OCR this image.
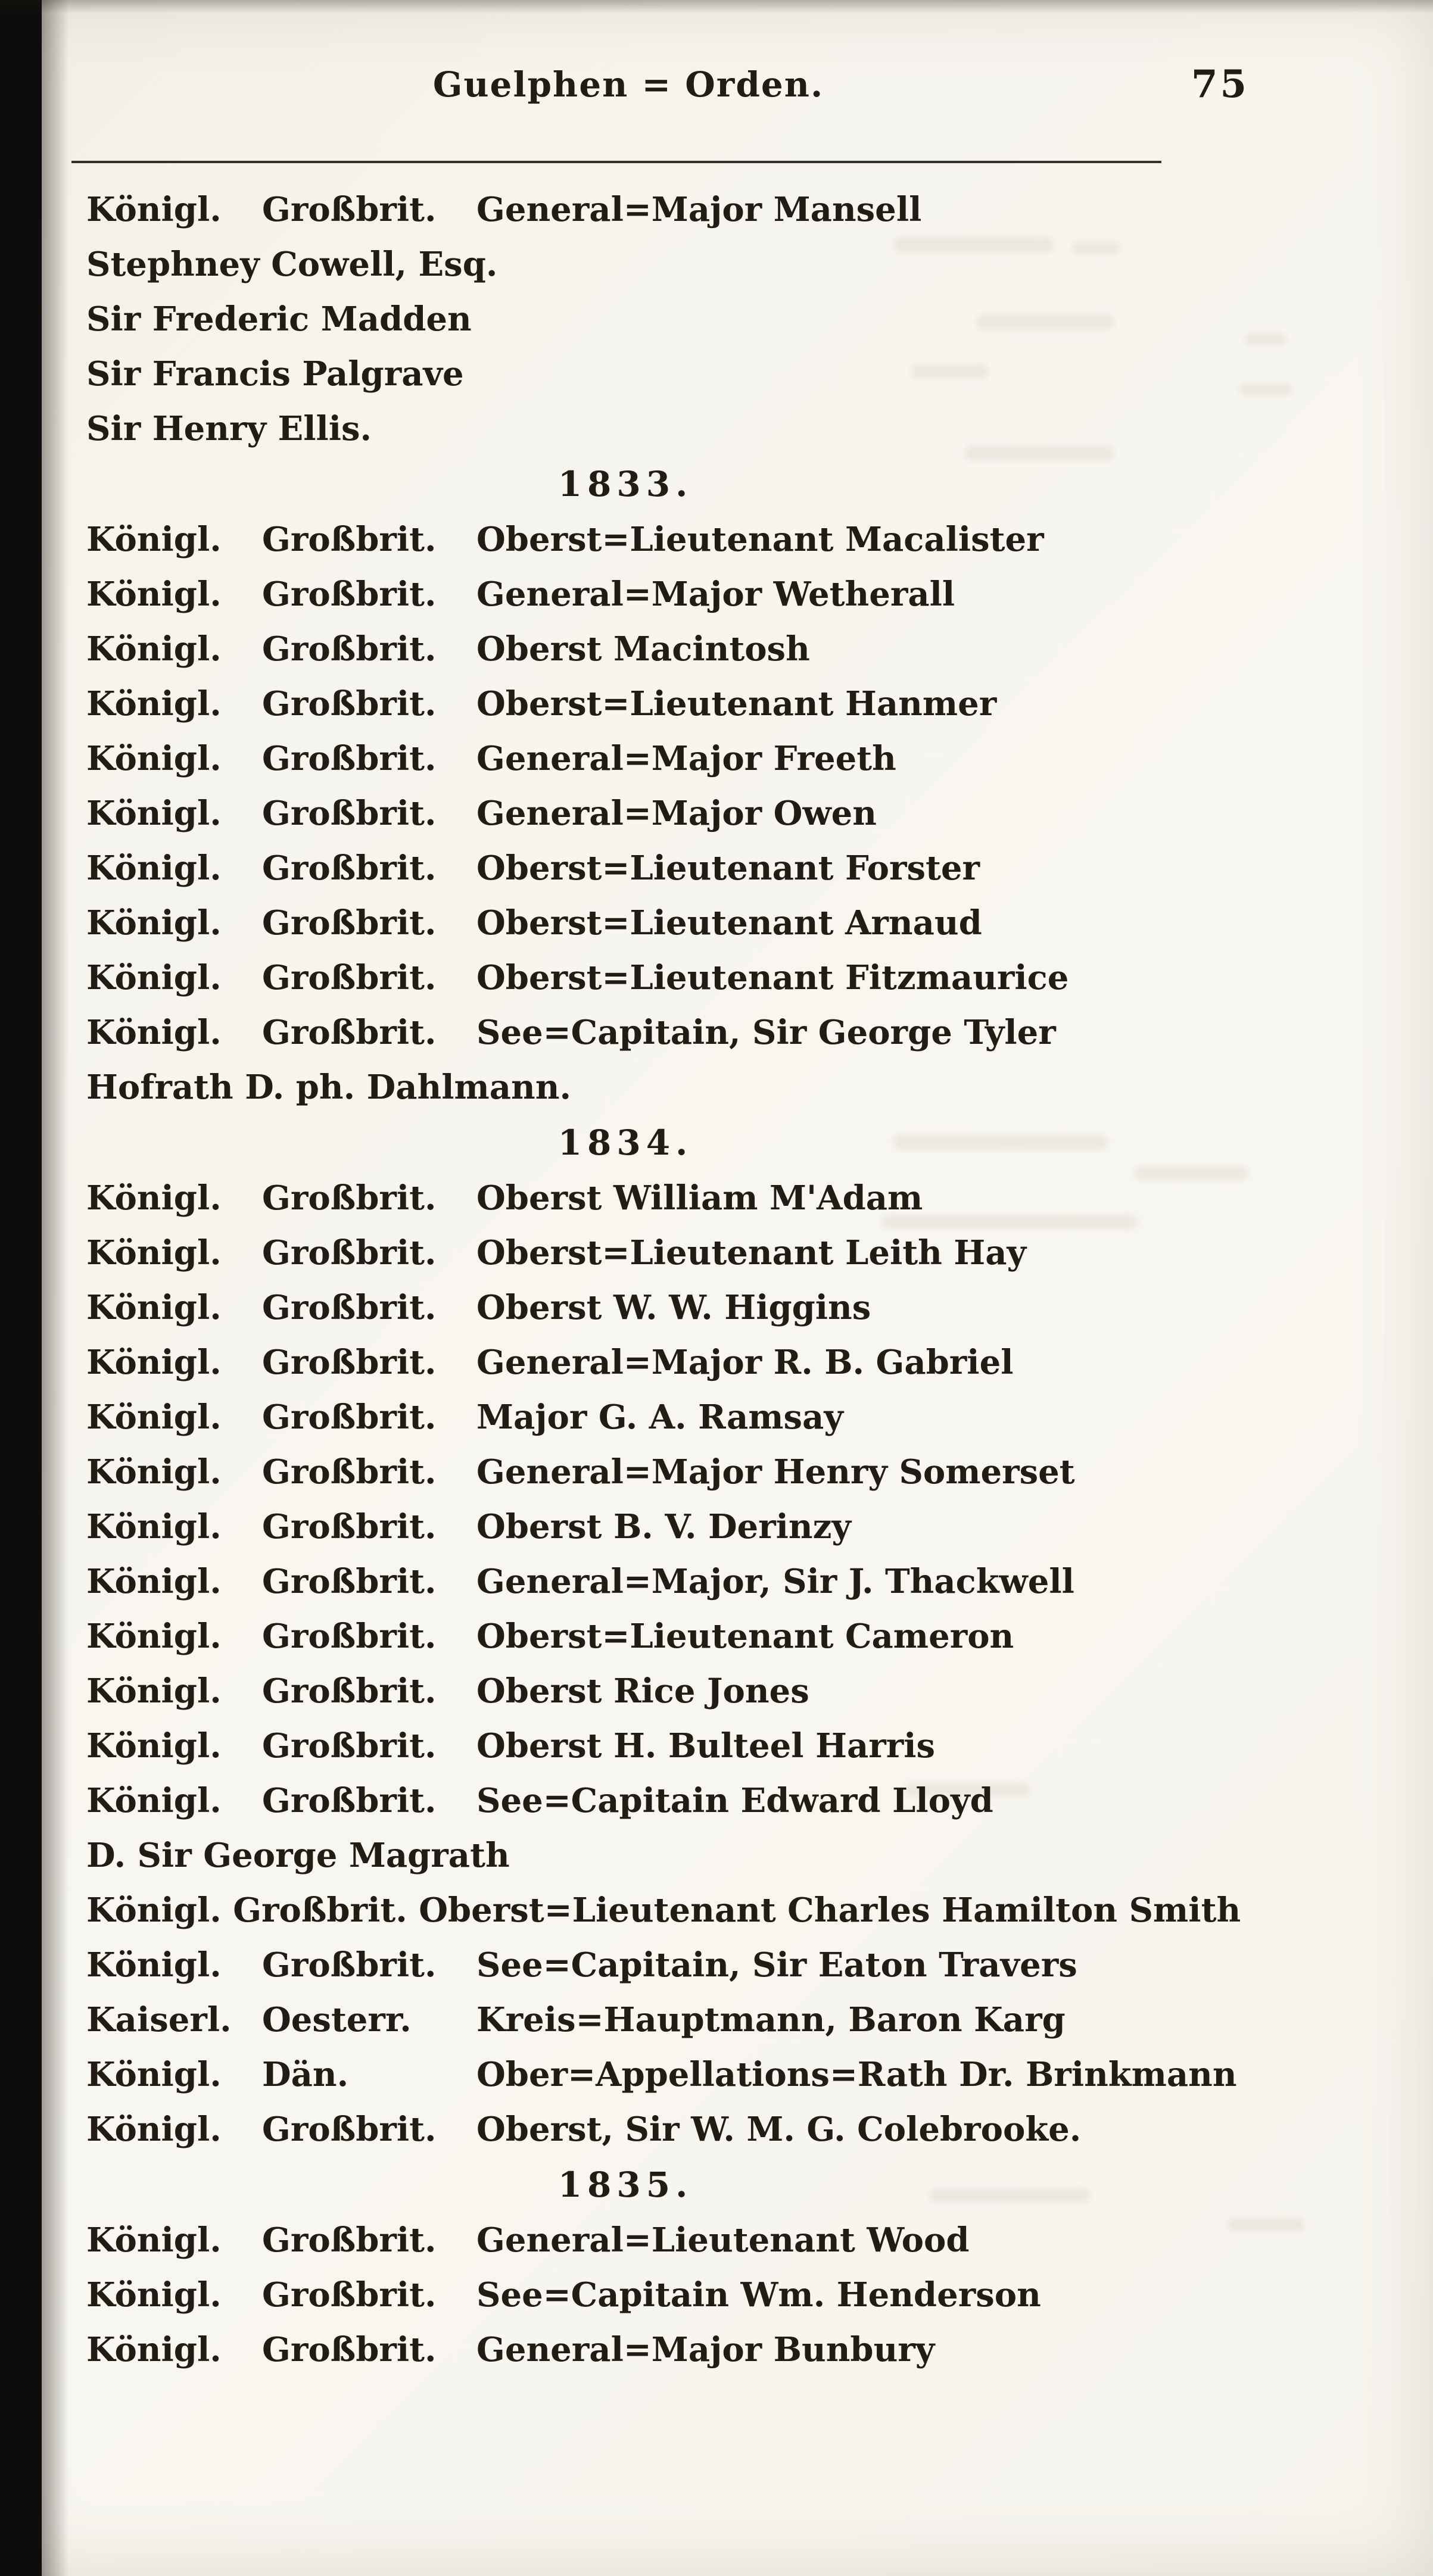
Guelphen = Orden.	75
Königl. Großbrit. General=Major Mansell
Stephney Cowell, Esq.
Sir Frederic Madden
Sir Francis Palgrave
Sir Henry Ellis.
1833.
Königl. Großbrit. Oberst=Lieutenant Macalister
Königl. Großbrit. General=Major Wetherall
Königl. Großbrit. Oberst Macintosh
Königl. Großbrit. Oberst=Lieutenant Hanmer
Königl. Großbrit. General=Major Freeth
Königl. Großbrit. General=Major Owen
Königl. Großbrit. Oberst=Lieutenant Forster
Königl. Großbrit. Oberst=Lieutenant Arnaud
Königl. Großbrit. Oberst=Lieutenant Fitzmaurice
Königl. Großbrit. See=Capitain, Sir George Tyler
Hofrath D. ph. Dahlmann.
1834.
Königl. Großbrit. Oberst William M'Adam
Königl. Großbrit. Oberst=Lieutenant Leith Hay
Königl. Großbrit. Oberst W. W. Higgins
Königl. Großbrit. General=Major R. B. Gabriel
Königl. Großbrit. Major G. A. Ramsay
Königl. Großbrit. General=Major Henry Somerset
Königl. Großbrit. Oberst B. V. Derinzy
Königl. Großbrit. General=Major, Sir J. Thackwell
Königl. Großbrit. Oberst=Lieutenant Cameron
Königl. Großbrit. Oberst Rice Jones
Königl. Großbrit. Oberst H. Bulteel Harris
Königl. Großbrit. See=Capitain Edward Lloyd
D. Sir George Magrath
Königl. Großbrit. Oberst=Lieutenant Charles Hamilton Smith
Königl. Großbrit. See=Capitain, Sir Eaton Travers
Kaiserl. Oesterr. Kreis=Hauptmann, Baron Karg
Königl. Dän.	Ober=Appellations=Rath Dr. Brinkmann
Königl. Großbrit. Oberst, Sir W. M. G. Colebrooke.
1835.
Königl. Großbrit. General=Lieutenant Wood
Königl. Großbrit. See=Capitain Wm. Henderson
Königl. Großbrit. General=Major Bunbury
